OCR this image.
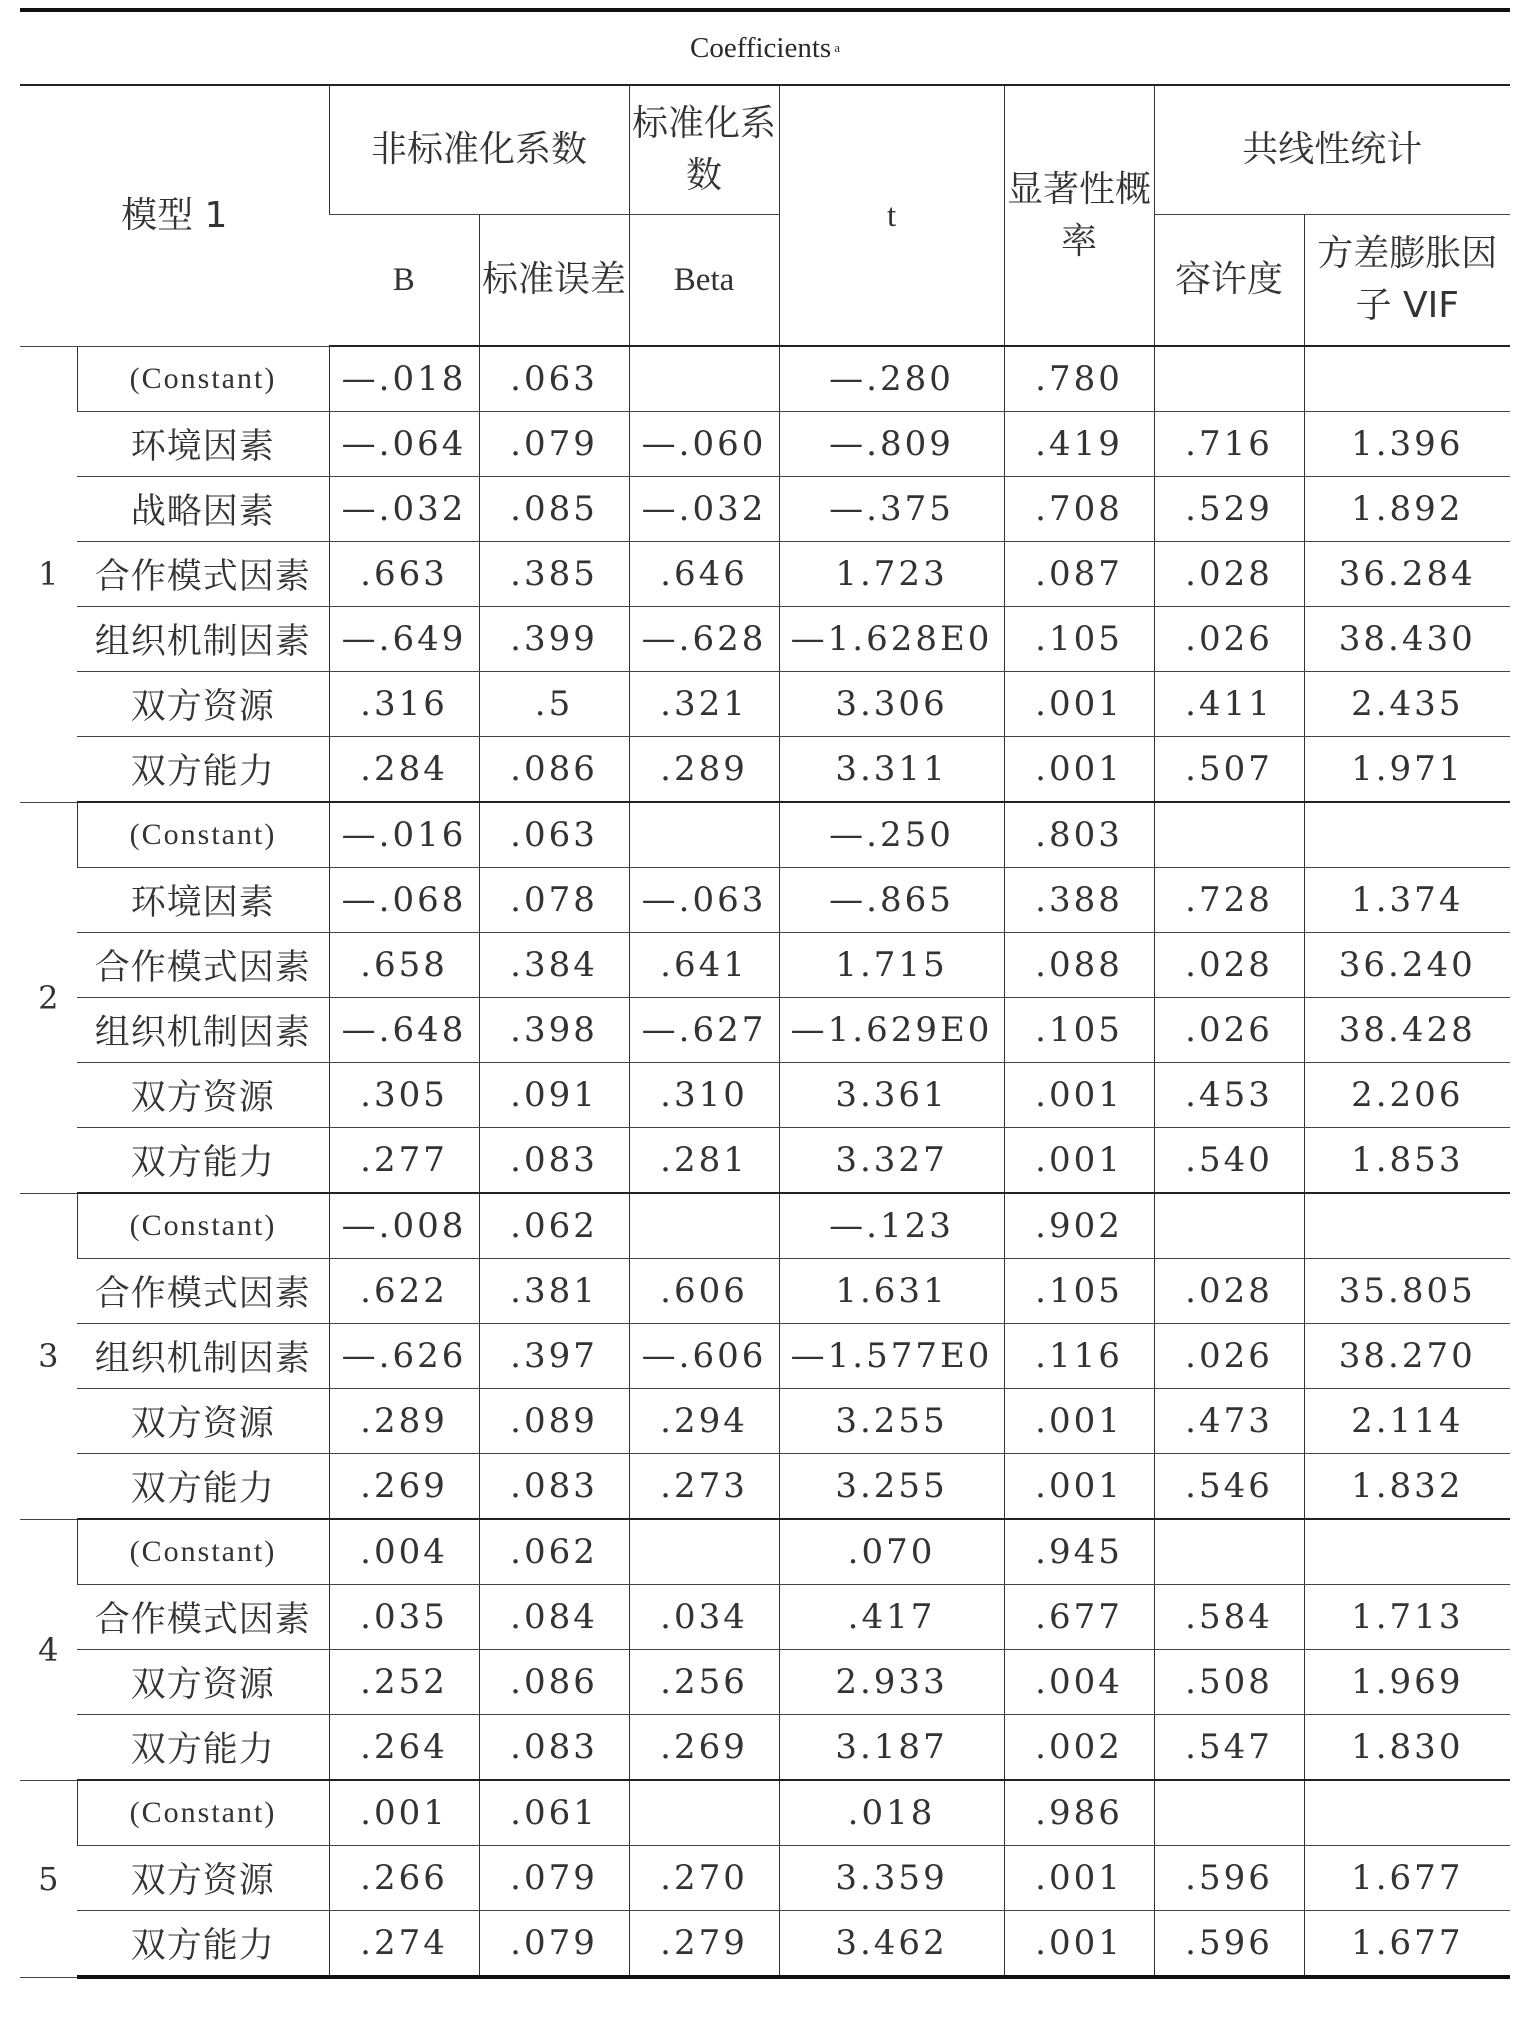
Coefficients a
模型 1		非标准化系数		标准化系数	t	显著性概率	共线性统计	
		B	标准误差	Beta			容许度	方差膨胀因子 VIF
1	(Constant)	—.018	.063		—.280	.780		
	环境因素	—.064	.079	—.060	—.809	.419	.716	1.396
	战略因素	—.032	.085	—.032	—.375	.708	.529	1.892
	合作模式因素	.663	.385	.646	1.723	.087	.028	36.284
	组织机制因素	—.649	.399	—.628	—1.628E0	.105	.026	38.430
	双方资源	.316	.5	.321	3.306	.001	.411	2.435
	双方能力	.284	.086	.289	3.311	.001	.507	1.971
2	(Constant)	—.016	.063		—.250	.803		
	环境因素	—.068	.078	—.063	—.865	.388	.728	1.374
	合作模式因素	.658	.384	.641	1.715	.088	.028	36.240
	组织机制因素	—.648	.398	—.627	—1.629E0	.105	.026	38.428
	双方资源	.305	.091	.310	3.361	.001	.453	2.206
	双方能力	.277	.083	.281	3.327	.001	.540	1.853
3	(Constant)	—.008	.062		—.123	.902		
	合作模式因素	.622	.381	.606	1.631	.105	.028	35.805
	组织机制因素	—.626	.397	—.606	—1.577E0	.116	.026	38.270
	双方资源	.289	.089	.294	3.255	.001	.473	2.114
	双方能力	.269	.083	.273	3.255	.001	.546	1.832
4	(Constant)	.004	.062		.070	.945		
	合作模式因素	.035	.084	.034	.417	.677	.584	1.713
	双方资源	.252	.086	.256	2.933	.004	.508	1.969
	双方能力	.264	.083	.269	3.187	.002	.547	1.830
5	(Constant)	.001	.061		.018	.986		
	双方资源	.266	.079	.270	3.359	.001	.596	1.677
	双方能力	.274	.079	.279	3.462	.001	.596	1.677
